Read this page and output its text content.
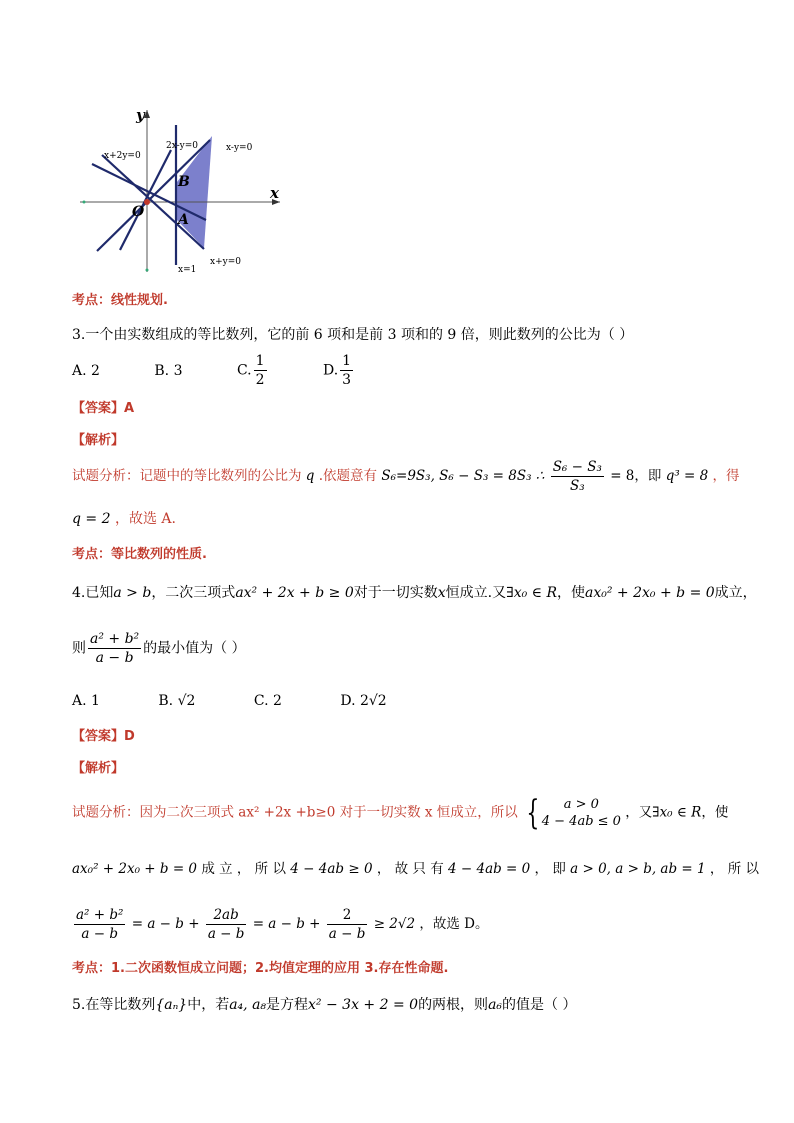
y
x
O A
B
x+2y=0
2x-y=0	x-y=0
x+y=0
x=1
考点：线性规划.
3.一个由实数组成的等比数列，它的前 6 项和是前 3 项和的 9 倍，则此数列的公比为（ ）
A. 2	B. 3	C. $\frac{1}{2}$	D. $\frac{1}{3}$
【答案】A
【解析】
试题分析：记题中的等比数列的公比为 q .依题意有 S₆=9S₃, S₆ − S₃ = 8S₃ ∴ $\frac{\text{S₆ − S₃}}{\text{S₃}} = 8$，即 q³ = 8 ，得
q = 2 ，故选 A.
考点：等比数列的性质.
4.已知a > b，二次三项式ax² + 2x + b ≥ 0对于一切实数x恒成立.又∃x₀ ∈ R，使ax₀² + 2x₀ + b = 0成立，
则 $\frac{\text{a² + b²}}{a - b}$ 的最小值为（ ）
A. 1	B. √2	C. 2	D. 2√2
【答案】D
【解析】
试题分析：因为二次三项式 ax² +2x +b≥0 对于一切实数 x 恒成立，所以 {	a > 0
4 − 4ab ≤ 0
，又∃x₀ ∈ R，使
ax₀² + 2x₀ + b = 0 成 立 ， 所 以 4 − 4ab ≥ 0 ， 故 只 有 4 − 4ab = 0 ， 即 a > 0, a > b, ab = 1 ， 所 以
$\frac{\text{a² + b²}}{a - b} = a - b + \frac{2ab}{a - b} = a - b + \frac{2}{a - b} \ge 2√2$ ，故选 D。
考点：1.二次函数恒成立问题；2.均值定理的应用 3.存在性命题.
5.在等比数列{aₙ}中，若a₄, a₈是方程x² − 3x + 2 = 0的两根，则a₆的值是（ ）
